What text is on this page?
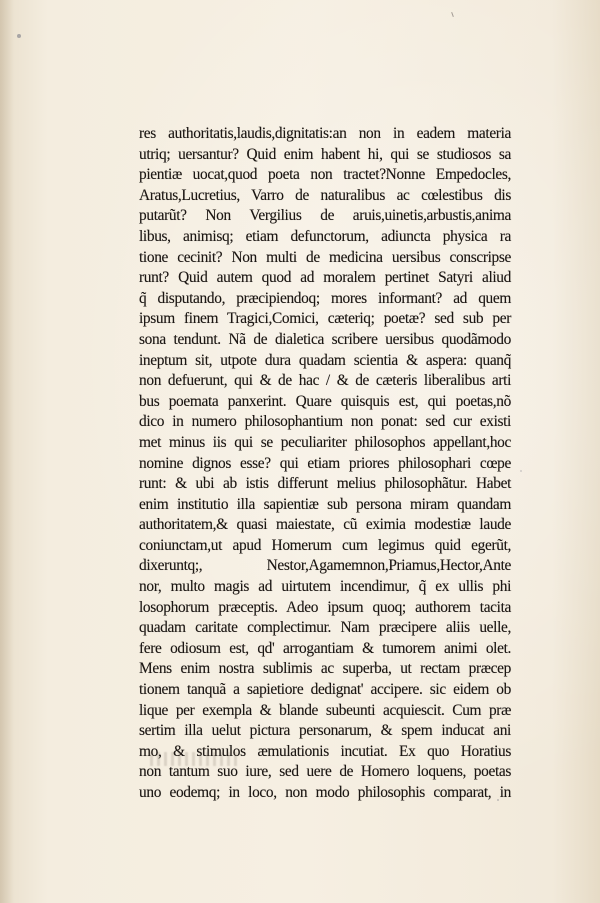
res authoritatis,laudis,dignitatis:an non in eadem materia
utriq; uersantur? Quid enim habent hi, qui se studiosos sa
pientiæ uocat,quod poeta non tractet?Nonne Empedocles,
Aratus,Lucretius, Varro de naturalibus ac cœlestibus dis
putarũt? Non Vergilius de aruis,uinetis,arbustis,anima
libus, animisq; etiam defunctorum, adiuncta physica ra
tione cecinit? Non multi de medicina uersibus conscripse
runt? Quid autem quod ad moralem pertinet Satyri aliud
q̃ disputando, præcipiendoq; mores informant? ad quem
ipsum finem Tragici,Comici, cæteriq; poetæ? sed sub per
sona tendunt. Nã de dialetica scribere uersibus quodãmodo
ineptum sit, utpote dura quadam scientia & aspera: quanq̃
non defuerunt, qui & de hac / & de cæteris liberalibus arti
bus poemata panxerint. Quare quisquis est, qui poetas,nõ
dico in numero philosophantium non ponat: sed cur existi
met minus iis qui se peculiariter philosophos appellant,hoc
nomine dignos esse? qui etiam priores philosophari cœpe
runt: & ubi ab istis differunt melius philosophãtur. Habet
enim institutio illa sapientiæ sub persona miram quandam
authoritatem,& quasi maiestate, cũ eximia modestiæ laude
coniunctam,ut apud Homerum cum legimus quid egerũt,
dixeruntq;, Nestor,Agamemnon,Priamus,Hector,Ante
nor, multo magis ad uirtutem incendimur, q̃ ex ullis phi
losophorum præceptis. Adeo ipsum quoq; authorem tacita
quadam caritate complectimur. Nam præcipere aliis uelle,
fere odiosum est, qd' arrogantiam & tumorem animi olet.
Mens enim nostra sublimis ac superba, ut rectam præcep
tionem tanquã a sapietiore dedignat' accipere. sic eidem ob
lique per exempla & blande subeunti acquiescit. Cum præ
sertim illa uelut pictura personarum, & spem inducat ani
mo, & stimulos æmulationis incutiat. Ex quo Horatius
non tantum suo iure, sed uere de Homero loquens, poetas
uno eodemq; in loco, non modo philosophis comparat, in
